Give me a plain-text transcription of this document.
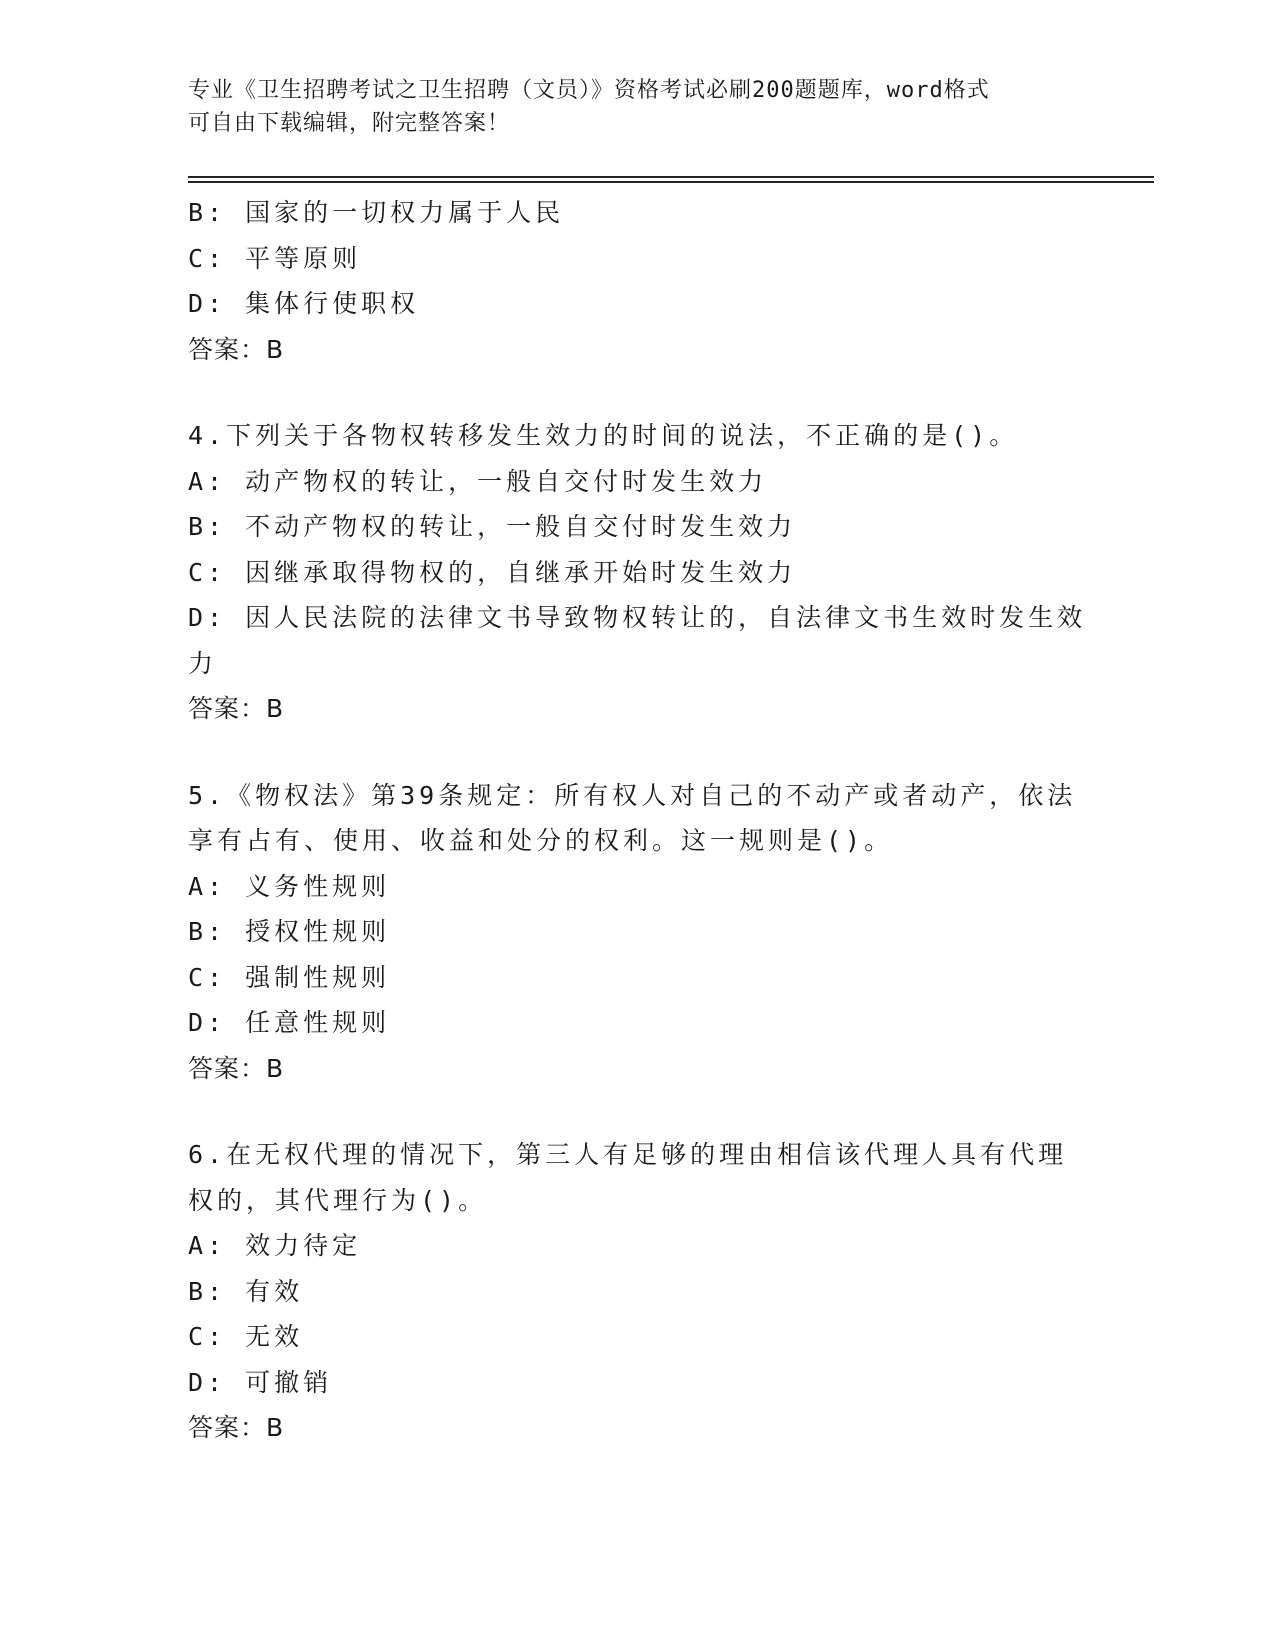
专业《卫生招聘考试之卫生招聘（文员）》资格考试必刷200题题库，word格式
可自由下载编辑，附完整答案！
B: 国家的一切权力属于人民
C: 平等原则
D: 集体行使职权
答案：B
4.下列关于各物权转移发生效力的时间的说法，不正确的是()。
A: 动产物权的转让，一般自交付时发生效力
B: 不动产物权的转让，一般自交付时发生效力
C: 因继承取得物权的，自继承开始时发生效力
D: 因人民法院的法律文书导致物权转让的，自法律文书生效时发生效
力
答案：B
5.《物权法》第39条规定：所有权人对自己的不动产或者动产，依法
享有占有、使用、收益和处分的权利。这一规则是()。
A: 义务性规则
B: 授权性规则
C: 强制性规则
D: 任意性规则
答案：B
6.在无权代理的情况下，第三人有足够的理由相信该代理人具有代理
权的，其代理行为()。
A: 效力待定
B: 有效
C: 无效
D: 可撤销
答案：B
